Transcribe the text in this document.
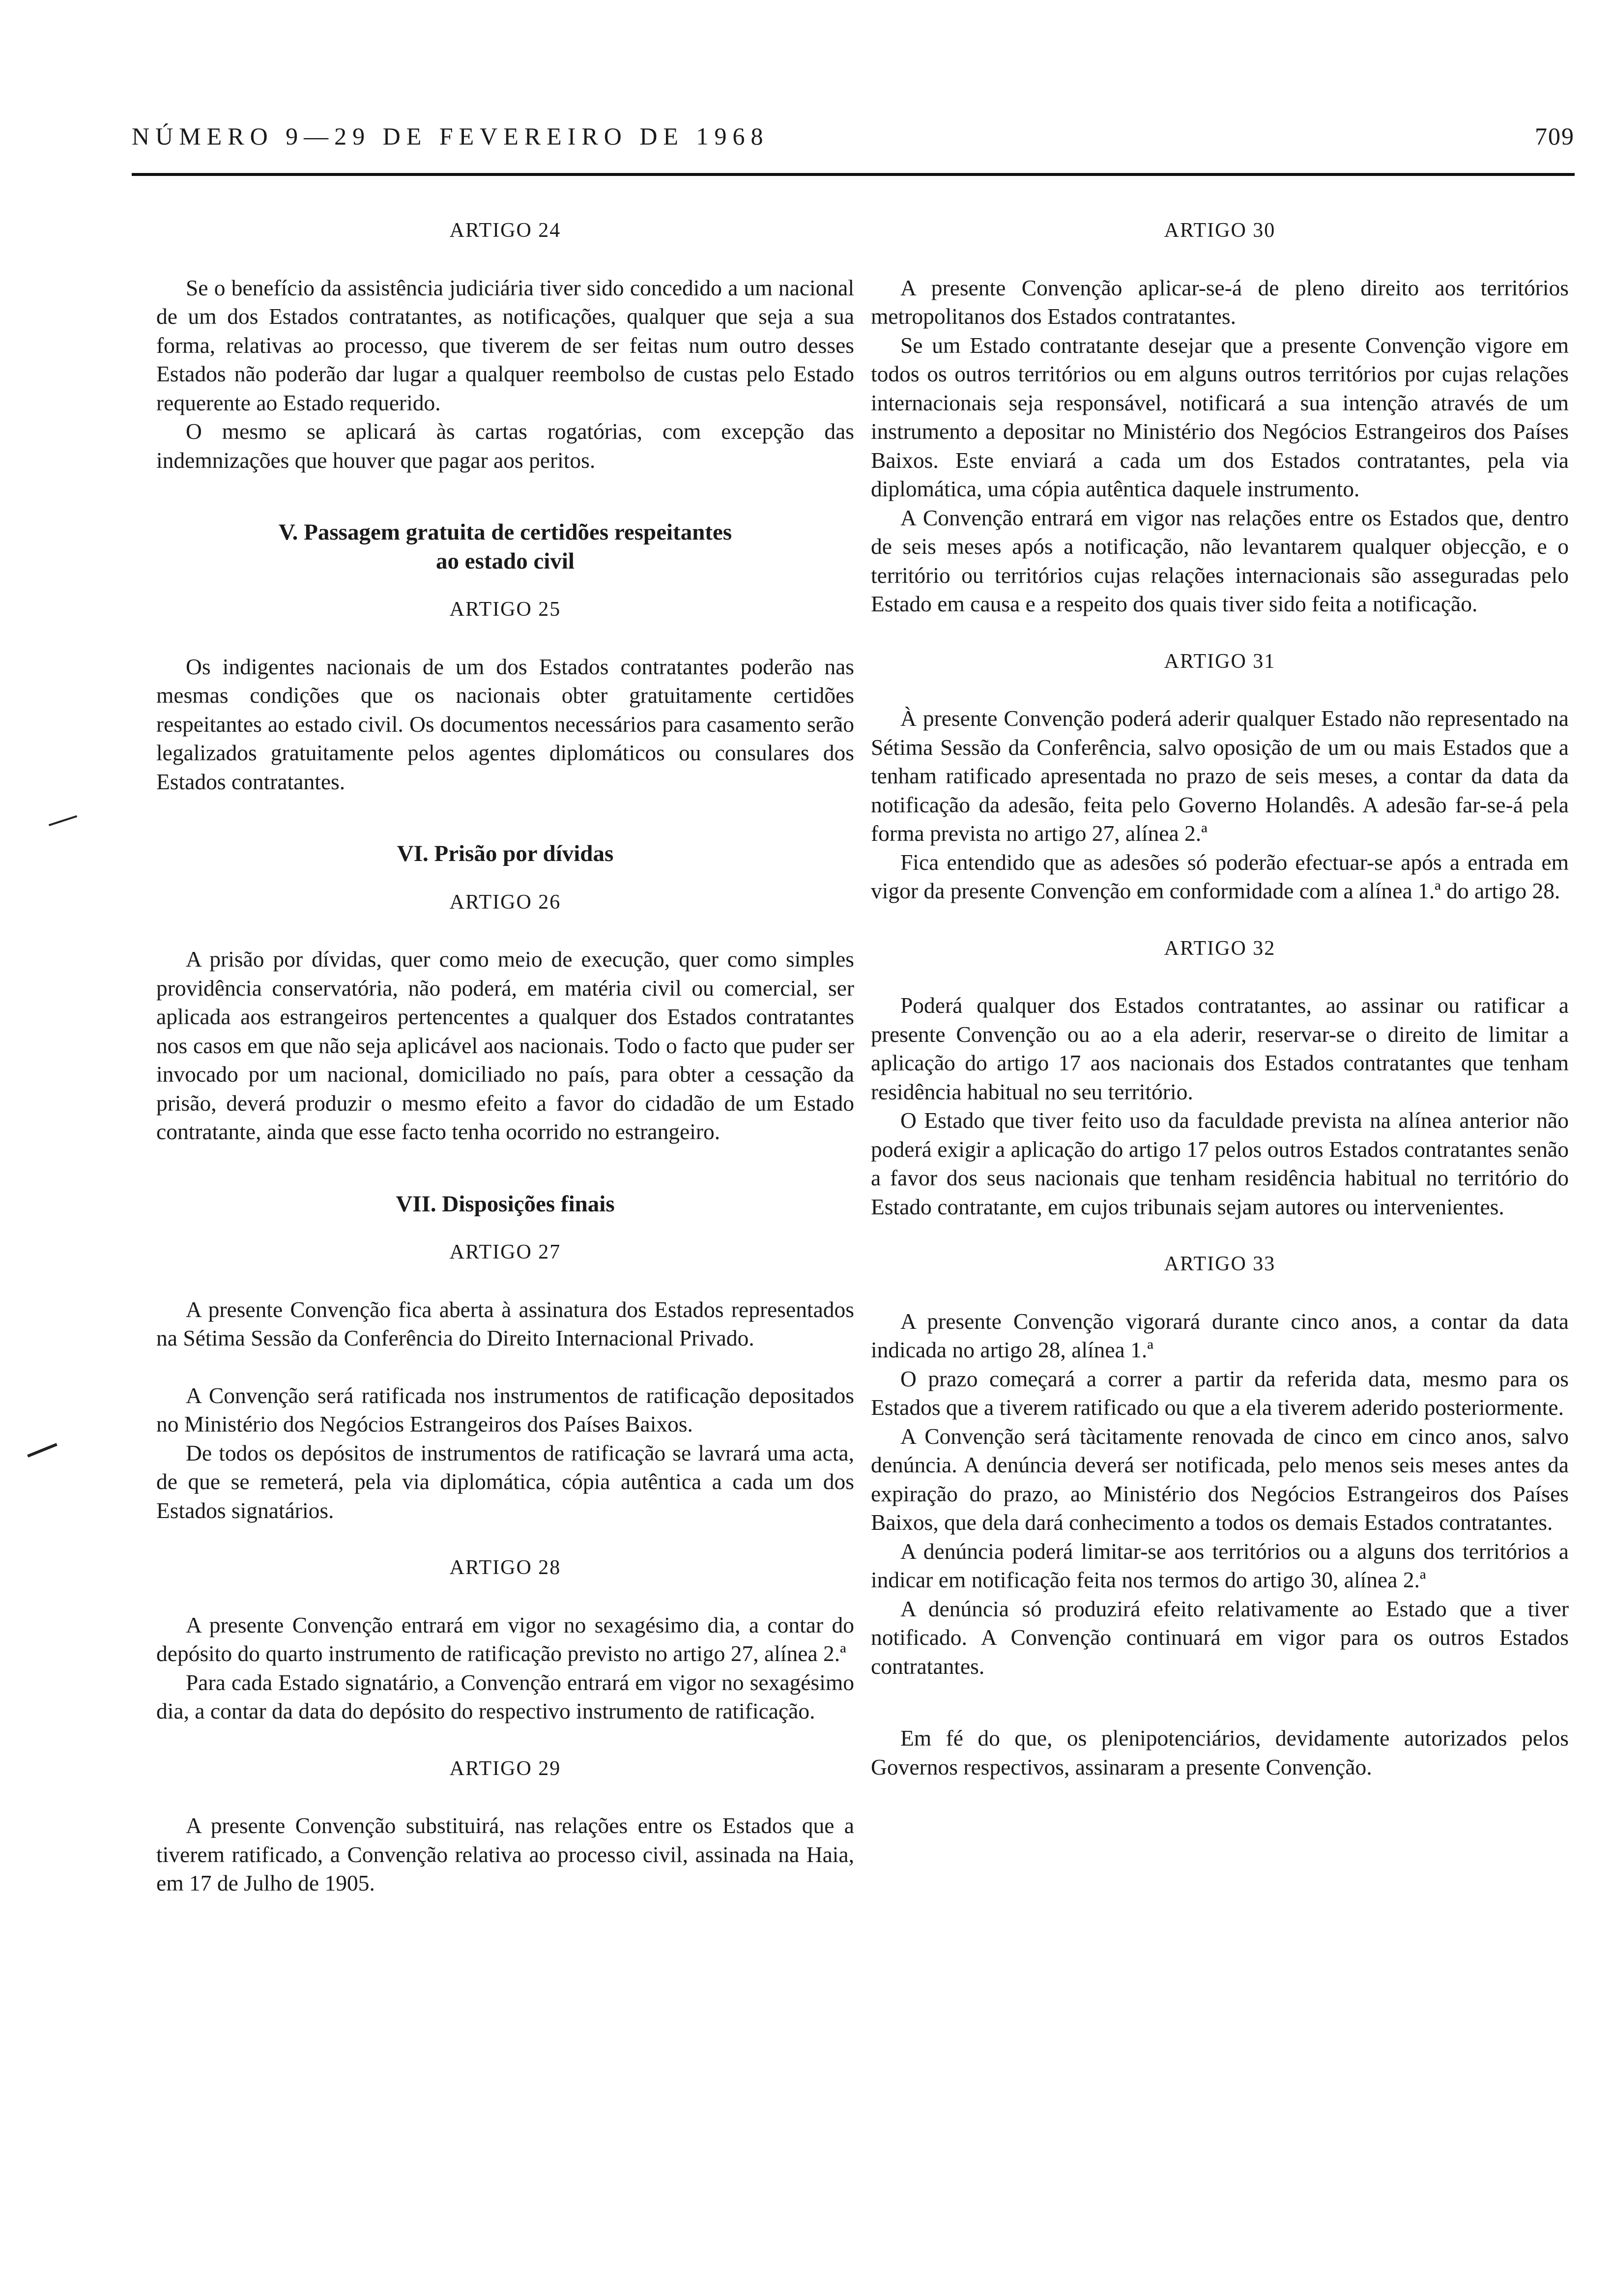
NÚMERO 9—29 DE FEVEREIRO DE 1968	709

ARTIGO 24

Se o benefício da assistência judiciária tiver sido concedido a um nacional de um dos Estados contratantes, as notificações, qualquer que seja a sua forma, relativas ao processo, que tiverem de ser feitas num outro desses Estados não poderão dar lugar a qualquer reembolso de custas pelo Estado requerente ao Estado requerido.

O mesmo se aplicará às cartas rogatórias, com excepção das indemnizações que houver que pagar aos peritos.

V. Passagem gratuita de certidões respeitantes

ao estado civil

ARTIGO 25

Os indigentes nacionais de um dos Estados contratantes poderão nas mesmas condições que os nacionais obter gratuitamente certidões respeitantes ao estado civil. Os documentos necessários para casamento serão legalizados gratuitamente pelos agentes diplomáticos ou consulares dos Estados contratantes.

VI. Prisão por dívidas

ARTIGO 26

A prisão por dívidas, quer como meio de execução, quer como simples providência conservatória, não poderá, em matéria civil ou comercial, ser aplicada aos estrangeiros pertencentes a qualquer dos Estados contratantes nos casos em que não seja aplicável aos nacionais. Todo o facto que puder ser invocado por um nacional, domiciliado no país, para obter a cessação da prisão, deverá produzir o mesmo efeito a favor do cidadão de um Estado contratante, ainda que esse facto tenha ocorrido no estrangeiro.

VII. Disposições finais

ARTIGO 27

A presente Convenção fica aberta à assinatura dos Estados representados na Sétima Sessão da Conferência do Direito Internacional Privado.

A Convenção será ratificada nos instrumentos de ratificação depositados no Ministério dos Negócios Estrangeiros dos Países Baixos.

De todos os depósitos de instrumentos de ratificação se lavrará uma acta, de que se remeterá, pela via diplomática, cópia autêntica a cada um dos Estados signatários.

ARTIGO 28

A presente Convenção entrará em vigor no sexagésimo dia, a contar do depósito do quarto instrumento de ratificação previsto no artigo 27, alínea 2.ª

Para cada Estado signatário, a Convenção entrará em vigor no sexagésimo dia, a contar da data do depósito do respectivo instrumento de ratificação.

ARTIGO 29

A presente Convenção substituirá, nas relações entre os Estados que a tiverem ratificado, a Convenção relativa ao processo civil, assinada na Haia, em 17 de Julho de 1905.

ARTIGO 30

A presente Convenção aplicar-se-á de pleno direito aos territórios metropolitanos dos Estados contratantes.

Se um Estado contratante desejar que a presente Convenção vigore em todos os outros territórios ou em alguns outros territórios por cujas relações internacionais seja responsável, notificará a sua intenção através de um instrumento a depositar no Ministério dos Negócios Estrangeiros dos Países Baixos. Este enviará a cada um dos Estados contratantes, pela via diplomática, uma cópia autêntica daquele instrumento.

A Convenção entrará em vigor nas relações entre os Estados que, dentro de seis meses após a notificação, não levantarem qualquer objecção, e o território ou territórios cujas relações internacionais são asseguradas pelo Estado em causa e a respeito dos quais tiver sido feita a notificação.

ARTIGO 31

À presente Convenção poderá aderir qualquer Estado não representado na Sétima Sessão da Conferência, salvo oposição de um ou mais Estados que a tenham ratificado apresentada no prazo de seis meses, a contar da data da notificação da adesão, feita pelo Governo Holandês. A adesão far-se-á pela forma prevista no artigo 27, alínea 2.ª

Fica entendido que as adesões só poderão efectuar-se após a entrada em vigor da presente Convenção em conformidade com a alínea 1.ª do artigo 28.

ARTIGO 32

Poderá qualquer dos Estados contratantes, ao assinar ou ratificar a presente Convenção ou ao a ela aderir, reservar-se o direito de limitar a aplicação do artigo 17 aos nacionais dos Estados contratantes que tenham residência habitual no seu território.

O Estado que tiver feito uso da faculdade prevista na alínea anterior não poderá exigir a aplicação do artigo 17 pelos outros Estados contratantes senão a favor dos seus nacionais que tenham residência habitual no território do Estado contratante, em cujos tribunais sejam autores ou intervenientes.

ARTIGO 33

A presente Convenção vigorará durante cinco anos, a contar da data indicada no artigo 28, alínea 1.ª

O prazo começará a correr a partir da referida data, mesmo para os Estados que a tiverem ratificado ou que a ela tiverem aderido posteriormente.

A Convenção será tàcitamente renovada de cinco em cinco anos, salvo denúncia. A denúncia deverá ser notificada, pelo menos seis meses antes da expiração do prazo, ao Ministério dos Negócios Estrangeiros dos Países Baixos, que dela dará conhecimento a todos os demais Estados contratantes.

A denúncia poderá limitar-se aos territórios ou a alguns dos territórios a indicar em notificação feita nos termos do artigo 30, alínea 2.ª

A denúncia só produzirá efeito relativamente ao Estado que a tiver notificado. A Convenção continuará em vigor para os outros Estados contratantes.

Em fé do que, os plenipotenciários, devidamente autorizados pelos Governos respectivos, assinaram a presente Convenção.
